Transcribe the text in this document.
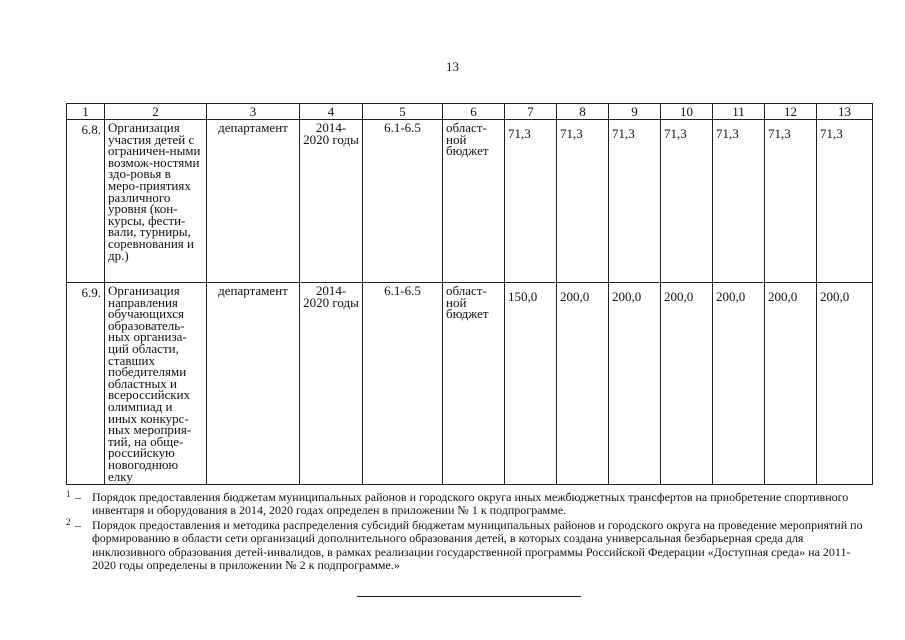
13
1	2	3	4	5	6	7	8	9	10	11	12	13
6.8.	Организация участия детей с ограничен-ными возмож-ностями здо-ровья в меро-приятиях различного уровня (кон-курсы, фести-вали, турниры, соревнования и др.)	департамент	2014-2020 годы	6.1-6.5	област-ной бюджет	71,3	71,3	71,3	71,3	71,3	71,3	71,3
6.9.	Организация направления обучающихся образователь-ных организа-ций области, ставших победителями областных и всероссийских олимпиад и иных конкурс-ных мероприя-тий, на обще-российскую новогоднюю елку	департамент	2014-2020 годы	6.1-6.5	област-ной бюджет	150,0	200,0	200,0	200,0	200,0	200,0	200,0
1 – Порядок предоставления бюджетам муниципальных районов и городского округа иных межбюджетных трансфертов на приобретение спортивного инвентаря и оборудования в 2014, 2020 годах определен в приложении № 1 к подпрограмме.
2 – Порядок предоставления и методика распределения субсидий бюджетам муниципальных районов и городского округа на проведение мероприятий по формированию в области сети организаций дополнительного образования детей, в которых создана универсальная безбарьерная среда для инклюзивного образования детей-инвалидов, в рамках реализации государственной программы Российской Федерации «Доступная среда» на 2011-2020 годы определены в приложении № 2 к подпрограмме.»
